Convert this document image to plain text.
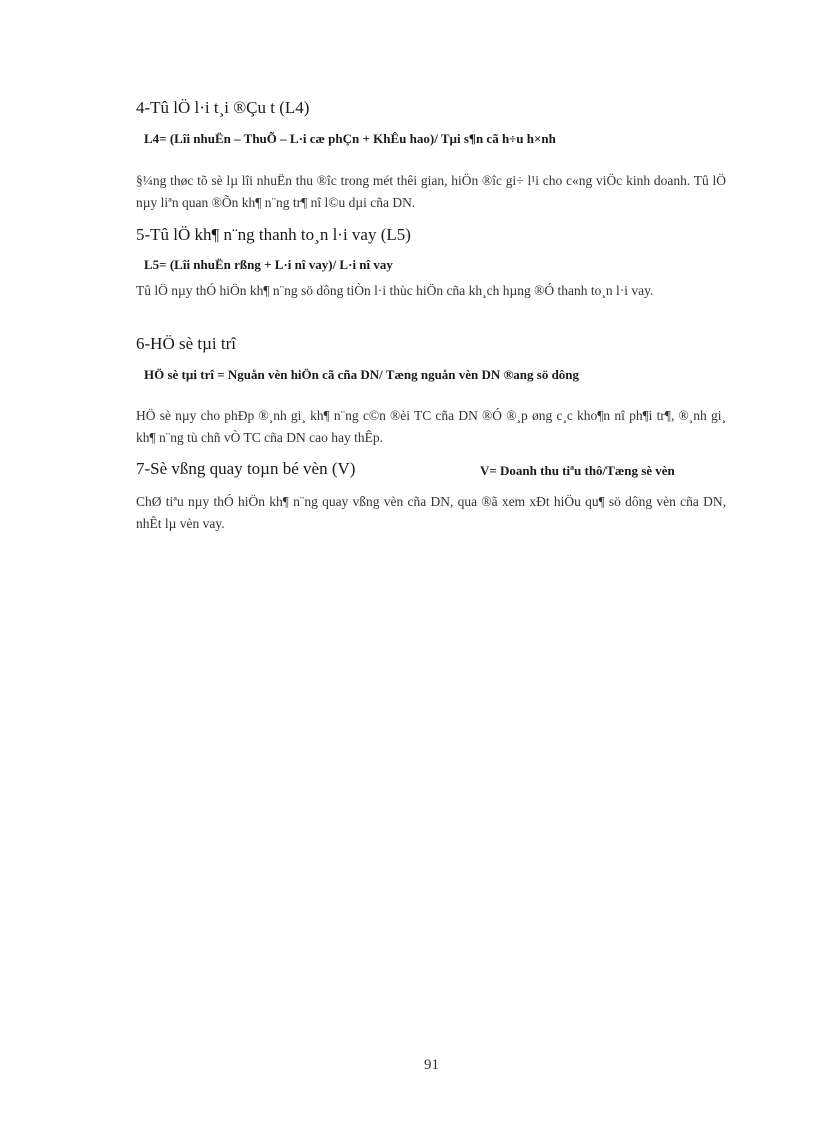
4-Tû lÖ l·i t¸i ®Çu t (L4)
L4= (Lîi nhuËn – ThuÕ – L·i cæ phÇn + KhÊu hao)/ Tµi s¶n cã h÷u h×nh
§¼ng thøc tõ sè lµ lîi nhuËn thu ®îc trong mét thêi gian, hiÖn ®îc gi÷ l¹i cho c«ng viÖc kinh doanh. Tû lÖ nµy liªn quan ®Õn kh¶ n¨ng tr¶ nî l©u dµi cña DN.
5-Tû lÖ kh¶ n¨ng thanh to¸n l·i vay (L5)
L5= (Lîi nhuËn rßng + L·i nî vay)/ L·i nî vay
Tû lÖ nµy thÓ hiÖn kh¶ n¨ng sö dông tiÒn l·i thùc hiÖn cña kh¸ch hµng ®Ó thanh to¸n l·i vay.
6-HÖ sè tµi trî
HÖ sè tµi trî = Nguån vèn hiÖn cã cña DN/ Tæng nguån vèn DN ®ang sö dông
HÖ sè nµy cho phÐp ®¸nh gi¸ kh¶ n¨ng c©n ®èi TC cña DN ®Ó ®¸p øng c¸c kho¶n nî ph¶i tr¶, ®¸nh gi¸ kh¶ n¨ng tù chñ vÒ TC cña DN cao hay thÊp.
7-Sè vßng quay toµn bé vèn (V)	V= Doanh thu tiªu thô/Tæng sè vèn
ChØ tiªu nµy thÓ hiÖn kh¶ n¨ng quay vßng vèn cña DN, qua ®ã xem xÐt hiÖu qu¶ sö dông vèn cña DN, nhÊt lµ vèn vay.
91
